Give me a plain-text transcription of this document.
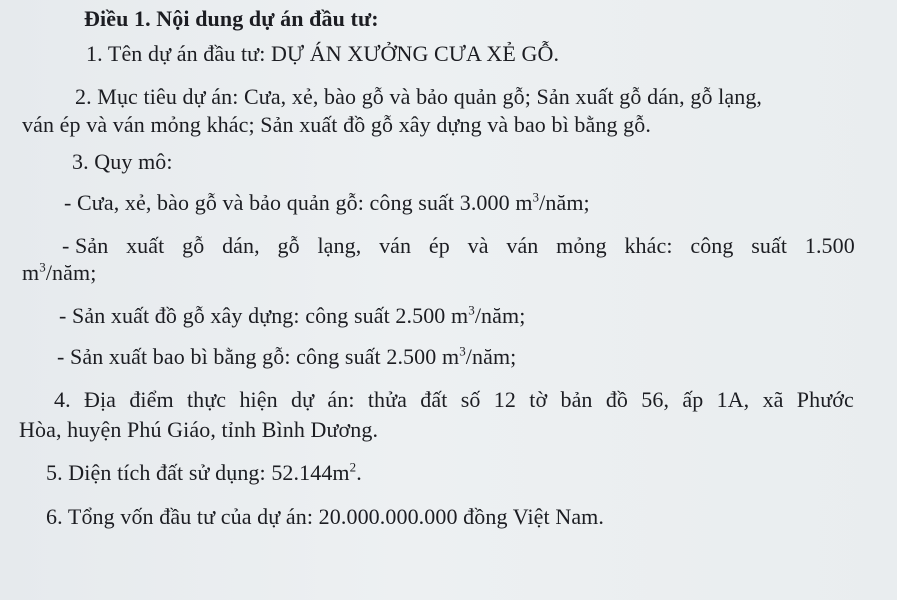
Điều 1. Nội dung dự án đầu tư:
1. Tên dự án đầu tư: DỰ ÁN XƯỞNG CƯA XẺ GỖ.
2. Mục tiêu dự án: Cưa, xẻ, bào gỗ và bảo quản gỗ; Sản xuất gỗ dán, gỗ lạng,
ván ép và ván mỏng khác; Sản xuất đồ gỗ xây dựng và bao bì bằng gỗ.
3. Quy mô:
- Cưa, xẻ, bào gỗ và bảo quản gỗ: công suất 3.000 $m^3$/năm;
- Sản xuất gỗ dán, gỗ lạng, ván ép và ván mỏng khác: công suất 1.500
$m^3$/năm;
- Sản xuất đồ gỗ xây dựng: công suất 2.500 $m^3$/năm;
- Sản xuất bao bì bằng gỗ: công suất 2.500 $m^3$/năm;
4. Địa điểm thực hiện dự án: thửa đất số 12 tờ bản đồ 56, ấp 1A, xã Phước
Hòa, huyện Phú Giáo, tỉnh Bình Dương.
5. Diện tích đất sử dụng: $52.144m^2$.
6. Tổng vốn đầu tư của dự án: 20.000.000.000 đồng Việt Nam.
